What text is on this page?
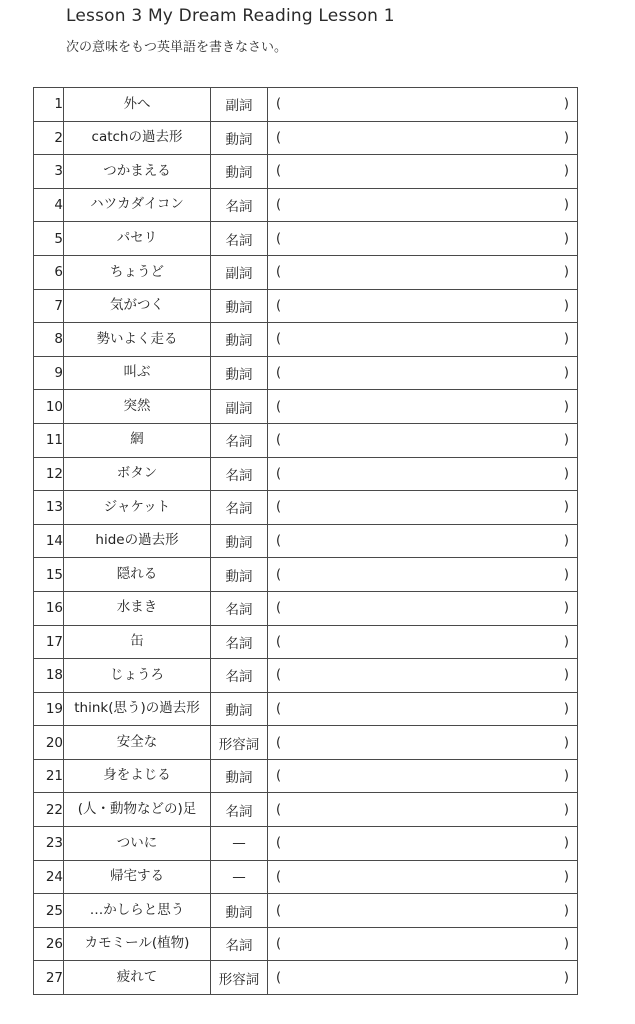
Lesson 3 My Dream Reading Lesson 1
次の意味をもつ英単語を書きなさい。
1	外へ	副詞	( )

2	catchの過去形	動詞	( )

3	つかまえる	動詞	( )

4	ハツカダイコン	名詞	( )

5	パセリ	名詞	( )

6	ちょうど	副詞	( )

7	気がつく	動詞	( )

8	勢いよく走る	動詞	( )

9	叫ぶ	動詞	( )

10	突然	副詞	( )

11	網	名詞	( )

12	ボタン	名詞	( )

13	ジャケット	名詞	( )

14	hideの過去形	動詞	( )

15	隠れる	動詞	( )

16	水まき	名詞	( )

17	缶	名詞	( )

18	じょうろ	名詞	( )

19	think(思う)の過去形	動詞	( )

20	安全な	形容詞	( )

21	身をよじる	動詞	( )

22	(人・動物などの)足	名詞	( )

23	ついに	—	( )

24	帰宅する	—	( )

25	…かしらと思う	動詞	( )

26	カモミール(植物)	名詞	( )

27	疲れて	形容詞	( )
